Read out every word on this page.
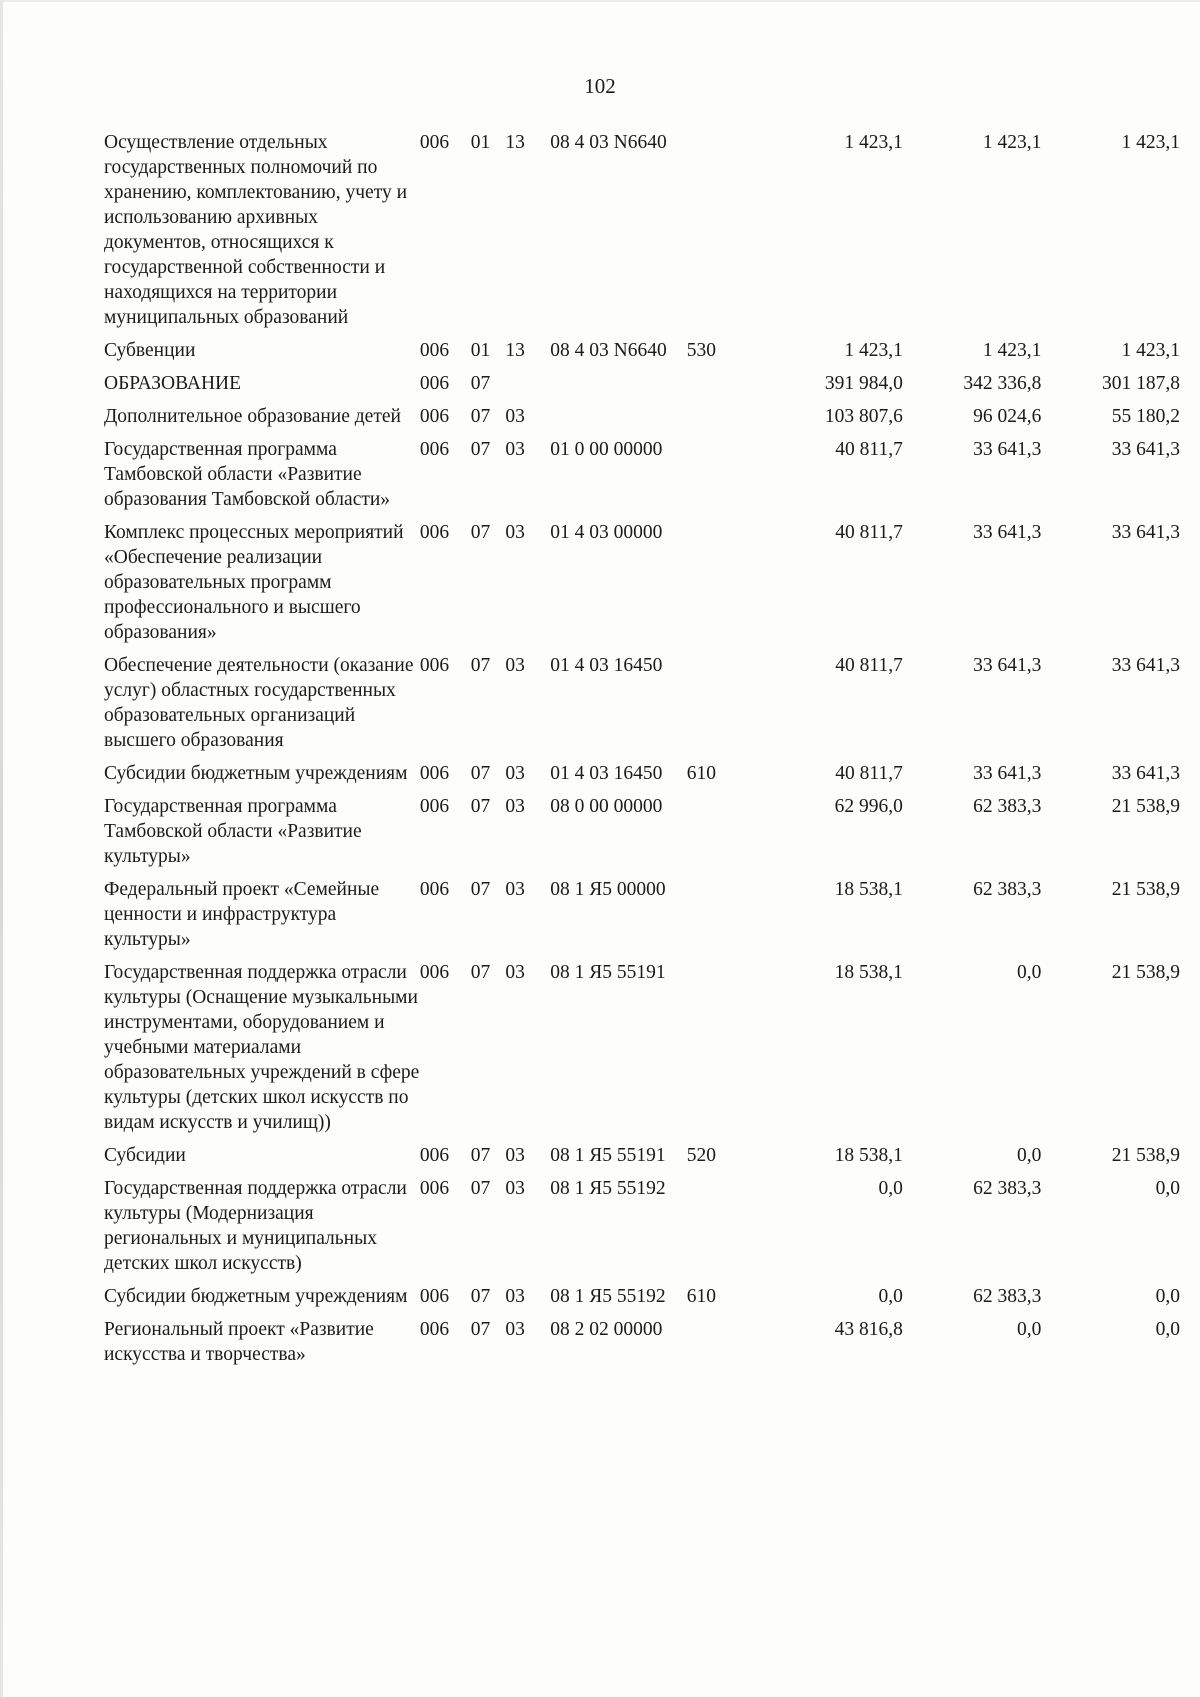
102
Осуществление отдельных государственных полномочий по хранению, комплектованию, учету и использованию архивных документов, относящихся к государственной собственности и находящихся на территории муниципальных образований	006	01	13	08 4 03 N6640		1 423,1	1 423,1	1 423,1
Субвенции	006	01	13	08 4 03 N6640	530	1 423,1	1 423,1	1 423,1
ОБРАЗОВАНИЕ	006	07				391 984,0	342 336,8	301 187,8
Дополнительное образование детей	006	07	03			103 807,6	96 024,6	55 180,2
Государственная программа Тамбовской области «Развитие образования Тамбовской области»	006	07	03	01 0 00 00000		40 811,7	33 641,3	33 641,3
Комплекс процессных мероприятий «Обеспечение реализации образовательных программ профессионального и высшего образования»	006	07	03	01 4 03 00000		40 811,7	33 641,3	33 641,3
Обеспечение деятельности (оказание услуг) областных государственных образовательных организаций высшего образования	006	07	03	01 4 03 16450		40 811,7	33 641,3	33 641,3
Субсидии бюджетным учреждениям	006	07	03	01 4 03 16450	610	40 811,7	33 641,3	33 641,3
Государственная программа Тамбовской области «Развитие культуры»	006	07	03	08 0 00 00000		62 996,0	62 383,3	21 538,9
Федеральный проект «Семейные ценности и инфраструктура культуры»	006	07	03	08 1 Я5 00000		18 538,1	62 383,3	21 538,9
Государственная поддержка отрасли культуры (Оснащение музыкальными инструментами, оборудованием и учебными материалами образовательных учреждений в сфере культуры (детских школ искусств по видам искусств и училищ))	006	07	03	08 1 Я5 55191		18 538,1	0,0	21 538,9
Субсидии	006	07	03	08 1 Я5 55191	520	18 538,1	0,0	21 538,9
Государственная поддержка отрасли культуры (Модернизация региональных и муниципальных детских школ искусств)	006	07	03	08 1 Я5 55192		0,0	62 383,3	0,0
Субсидии бюджетным учреждениям	006	07	03	08 1 Я5 55192	610	0,0	62 383,3	0,0
Региональный проект «Развитие искусства и творчества»	006	07	03	08 2 02 00000		43 816,8	0,0	0,0
